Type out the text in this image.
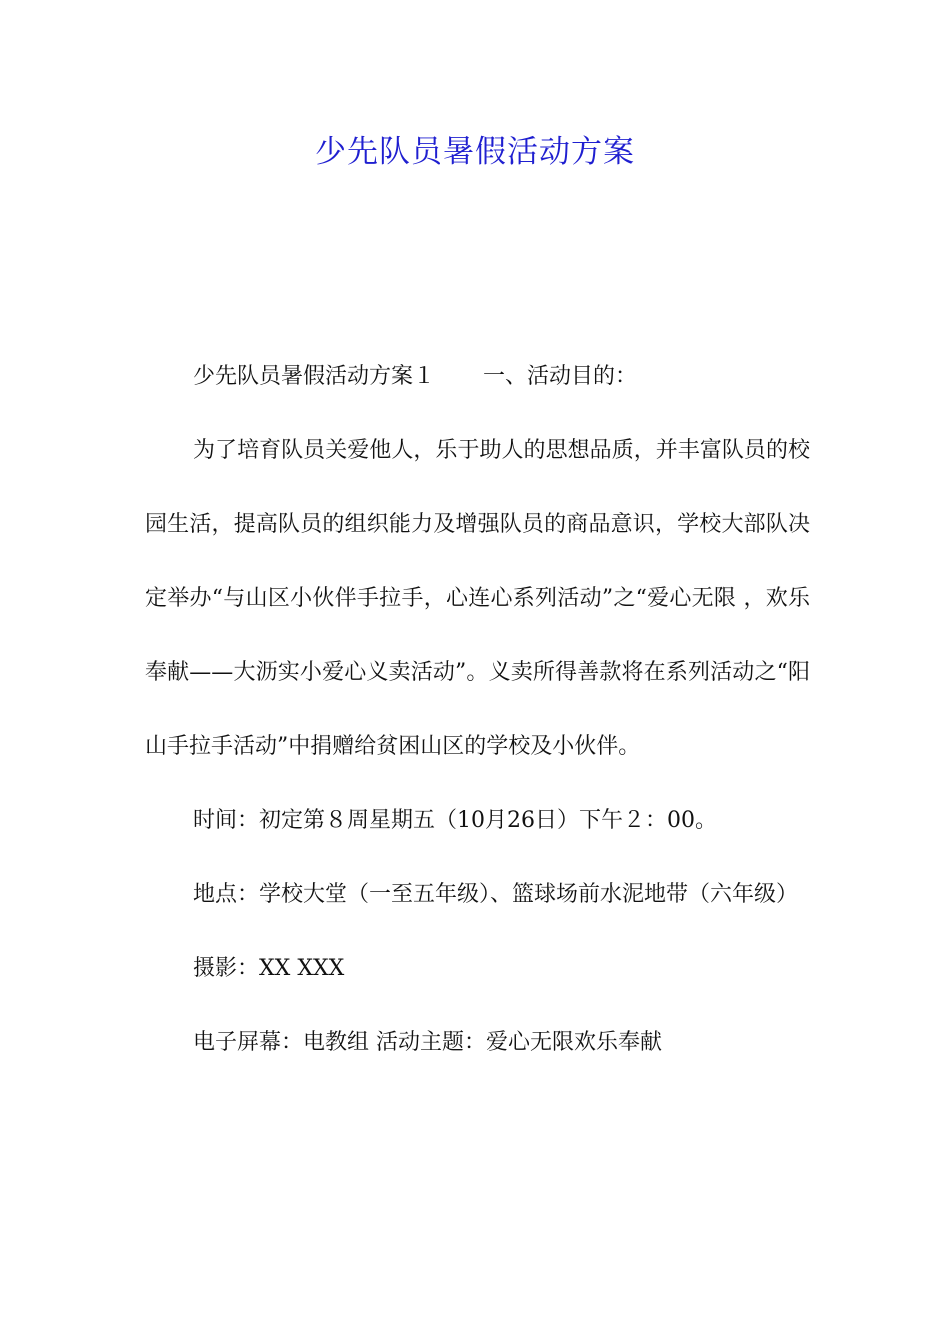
少先队员暑假活动方案

少先队员暑假活动方案１ 一、活动目的：

为了培育队员关爱他人，乐于助人的思想品质，并丰富队员的校园生活，提高队员的组织能力及增强队员的商品意识，学校大部队决定举办“与山区小伙伴手拉手，心连心系列活动”之“爱心无限 ，欢乐奉献——大沥实小爱心义卖活动”。义卖所得善款将在系列活动之“阳山手拉手活动”中捐赠给贫困山区的学校及小伙伴。

时间：初定第８周星期五（10月26日）下午２：00。

地点：学校大堂（一至五年级）、篮球场前水泥地带（六年级）

摄影：XX XXX

电子屏幕：电教组 活动主题：爱心无限欢乐奉献
